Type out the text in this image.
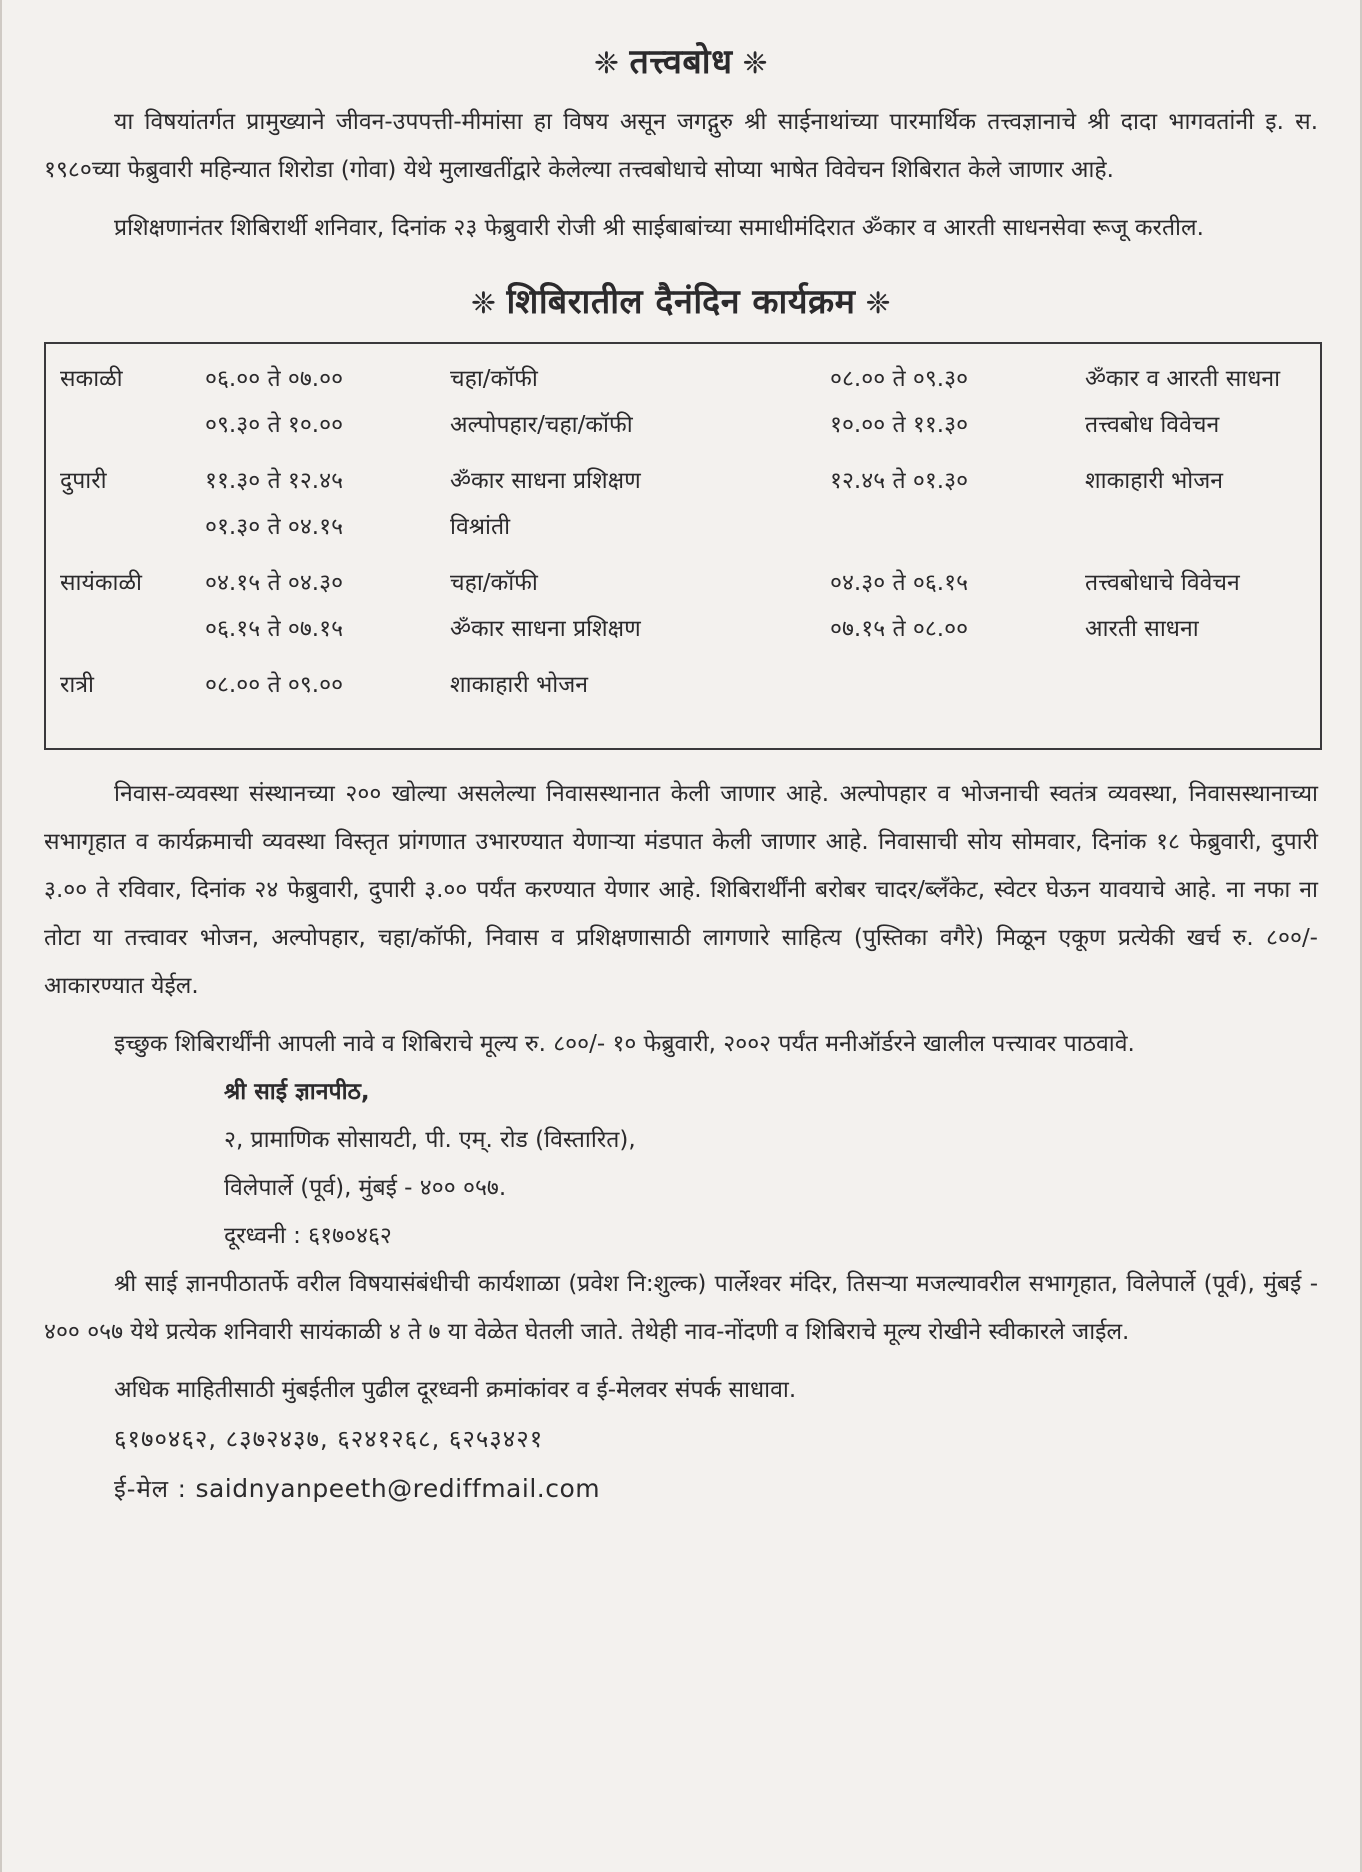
❈ तत्त्वबोध ❈

या विषयांतर्गत प्रामुख्याने जीवन-उपपत्ती-मीमांसा हा विषय असून जगद्गुरु श्री साईनाथांच्या पारमार्थिक तत्त्वज्ञानाचे श्री दादा भागवतांनी इ. स. १९८०च्या फेब्रुवारी महिन्यात शिरोडा (गोवा) येथे मुलाखतींद्वारे केलेल्या तत्त्वबोधाचे सोप्या भाषेत विवेचन शिबिरात केले जाणार आहे.

प्रशिक्षणानंतर शिबिरार्थी शनिवार, दिनांक २३ फेब्रुवारी रोजी श्री साईबाबांच्या समाधीमंदिरात ॐकार व आरती साधनसेवा रूजू करतील.

❈ शिबिरातील दैनंदिन कार्यक्रम ❈
सकाळी	०६.०० ते ०७.००	चहा/कॉफी	०८.०० ते ०९.३०	ॐकार व आरती साधना
०९.३० ते १०.००	अल्पोपहार/चहा/कॉफी	१०.०० ते ११.३०	तत्त्वबोध विवेचन
दुपारी	११.३० ते १२.४५	ॐकार साधना प्रशिक्षण	१२.४५ ते ०१.३०	शाकाहारी भोजन
०१.३० ते ०४.१५	विश्रांती
सायंकाळी	०४.१५ ते ०४.३०	चहा/कॉफी	०४.३० ते ०६.१५	तत्त्वबोधाचे विवेचन
०६.१५ ते ०७.१५	ॐकार साधना प्रशिक्षण	०७.१५ ते ०८.००	आरती साधना
रात्री	०८.०० ते ०९.००	शाकाहारी भोजन

निवास-व्यवस्था संस्थानच्या २०० खोल्या असलेल्या निवासस्थानात केली जाणार आहे. अल्पोपहार व भोजनाची स्वतंत्र व्यवस्था, निवासस्थानाच्या सभागृहात व कार्यक्रमाची व्यवस्था विस्तृत प्रांगणात उभारण्यात येणाऱ्या मंडपात केली जाणार आहे. निवासाची सोय सोमवार, दिनांक १८ फेब्रुवारी, दुपारी ३.०० ते रविवार, दिनांक २४ फेब्रुवारी, दुपारी ३.०० पर्यंत करण्यात येणार आहे. शिबिरार्थींनी बरोबर चादर/ब्लँकेट, स्वेटर घेऊन यावयाचे आहे. ना नफा ना तोटा या तत्त्वावर भोजन, अल्पोपहार, चहा/कॉफी, निवास व प्रशिक्षणासाठी लागणारे साहित्य (पुस्तिका वगैरे) मिळून एकूण प्रत्येकी खर्च रु. ८००/- आकारण्यात येईल.

इच्छुक शिबिरार्थींनी आपली नावे व शिबिराचे मूल्य रु. ८००/- १० फेब्रुवारी, २००२ पर्यंत मनीऑर्डरने खालील पत्त्यावर पाठवावे.

श्री साई ज्ञानपीठ,
२, प्रामाणिक सोसायटी, पी. एम्. रोड (विस्तारित),
विलेपार्ले (पूर्व), मुंबई - ४०० ०५७.
दूरध्वनी : ६१७०४६२

श्री साई ज्ञानपीठातर्फे वरील विषयासंबंधीची कार्यशाळा (प्रवेश नि:शुल्क) पार्लेश्वर मंदिर, तिसऱ्या मजल्यावरील सभागृहात, विलेपार्ले (पूर्व), मुंबई - ४०० ०५७ येथे प्रत्येक शनिवारी सायंकाळी ४ ते ७ या वेळेत घेतली जाते. तेथेही नाव-नोंदणी व शिबिराचे मूल्य रोखीने स्वीकारले जाईल.

अधिक माहितीसाठी मुंबईतील पुढील दूरध्वनी क्रमांकांवर व ई-मेलवर संपर्क साधावा.

६१७०४६२, ८३७२४३७, ६२४१२६८, ६२५३४२१
ई-मेल : saidnyanpeeth@rediffmail.com
